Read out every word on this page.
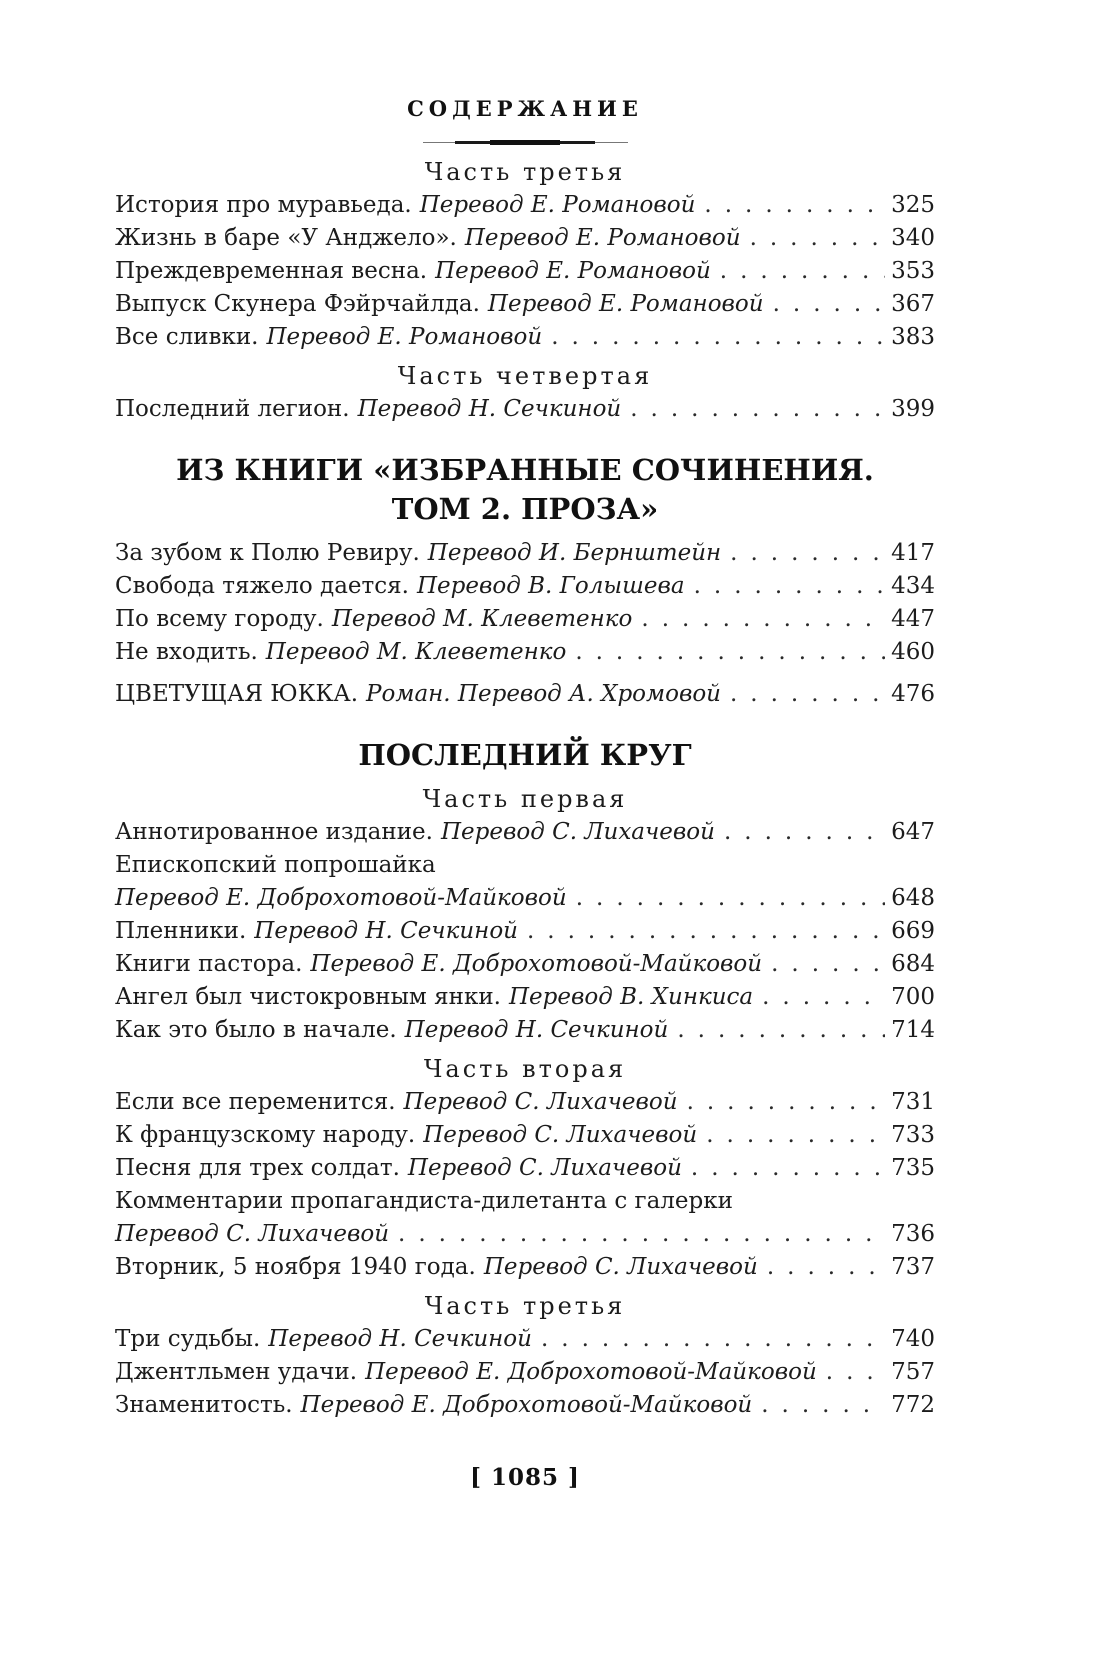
СОДЕРЖАНИЕ
Часть третья
История про муравьеда. Перевод Е. Романовой .....	325
Жизнь в баре «У Анджело». Перевод Е. Романовой .....	340
Преждевременная весна. Перевод Е. Романовой .....	353
Выпуск Скунера Фэйрчайлда. Перевод Е. Романовой .....	367
Все сливки. Перевод Е. Романовой .....	383
Часть четвертая
Последний легион. Перевод Н. Сечкиной .....	399
ИЗ КНИГИ «ИЗБРАННЫЕ СОЧИНЕНИЯ.
ТОМ 2. ПРОЗА»
За зубом к Полю Ревиру. Перевод И. Бернштейн .....	417
Свобода тяжело дается. Перевод В. Голышева .....	434
По всему городу. Перевод М. Клеветенко .....	447
Не входить. Перевод М. Клеветенко .....	460
ЦВЕТУЩАЯ ЮККА. Роман. Перевод А. Хромовой .....	476
ПОСЛЕДНИЙ КРУГ
Часть первая
Аннотированное издание. Перевод С. Лихачевой .....	647
Епископский попрошайка
Перевод Е. Доброхотовой-Майковой .....	648
Пленники. Перевод Н. Сечкиной .....	669
Книги пастора. Перевод Е. Доброхотовой-Майковой .....	684
Ангел был чистокровным янки. Перевод В. Хинкиса .....	700
Как это было в начале. Перевод Н. Сечкиной .....	714
Часть вторая
Если все переменится. Перевод С. Лихачевой .....	731
К французскому народу. Перевод С. Лихачевой .....	733
Песня для трех солдат. Перевод С. Лихачевой .....	735
Комментарии пропагандиста-дилетанта с галерки
Перевод С. Лихачевой .....	736
Вторник, 5 ноября 1940 года. Перевод С. Лихачевой .....	737
Часть третья
Три судьбы. Перевод Н. Сечкиной .....	740
Джентльмен удачи. Перевод Е. Доброхотовой-Майковой .....	757
Знаменитость. Перевод Е. Доброхотовой-Майковой .....	772
[ 1085 ]
